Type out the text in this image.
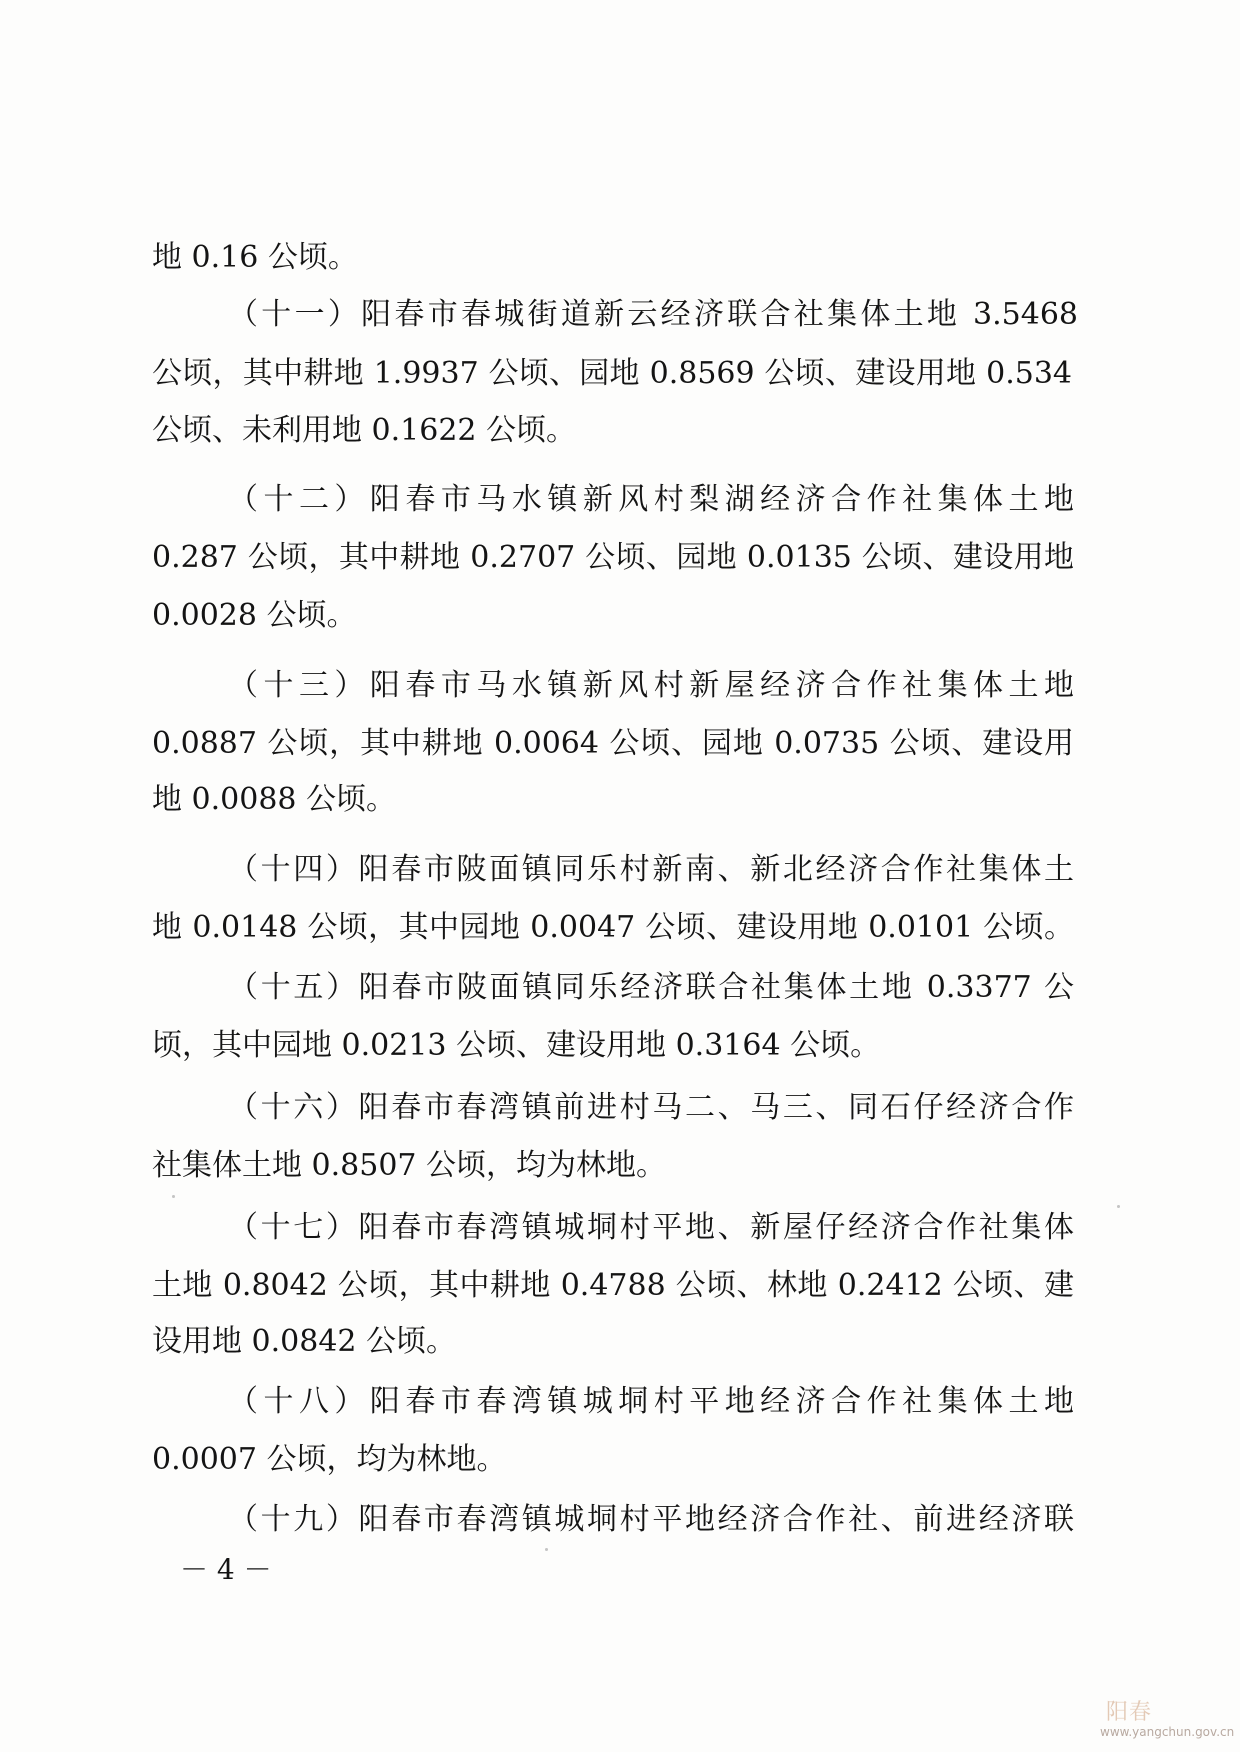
地 0.16 公顷。
（十一）阳春市春城街道新云经济联合社集体土地 3.5468
公顷，其中耕地 1.9937 公顷、园地 0.8569 公顷、建设用地 0.534
公顷、未利用地 0.1622 公顷。
（十二）阳春市马水镇新风村梨湖经济合作社集体土地
0.287 公顷，其中耕地 0.2707 公顷、园地 0.0135 公顷、建设用地
0.0028 公顷。
（十三）阳春市马水镇新风村新屋经济合作社集体土地
0.0887 公顷，其中耕地 0.0064 公顷、园地 0.0735 公顷、建设用
地 0.0088 公顷。
（十四）阳春市陂面镇同乐村新南、新北经济合作社集体土
地 0.0148 公顷，其中园地 0.0047 公顷、建设用地 0.0101 公顷。
（十五）阳春市陂面镇同乐经济联合社集体土地 0.3377 公
顷，其中园地 0.0213 公顷、建设用地 0.3164 公顷。
（十六）阳春市春湾镇前进村马二、马三、同石仔经济合作
社集体土地 0.8507 公顷，均为林地。
（十七）阳春市春湾镇城垌村平地、新屋仔经济合作社集体
土地 0.8042 公顷，其中耕地 0.4788 公顷、林地 0.2412 公顷、建
设用地 0.0842 公顷。
（十八）阳春市春湾镇城垌村平地经济合作社集体土地
0.0007 公顷，均为林地。
（十九）阳春市春湾镇城垌村平地经济合作社、前进经济联
－ 4 －
阳春
www.yangchun.gov.cn
